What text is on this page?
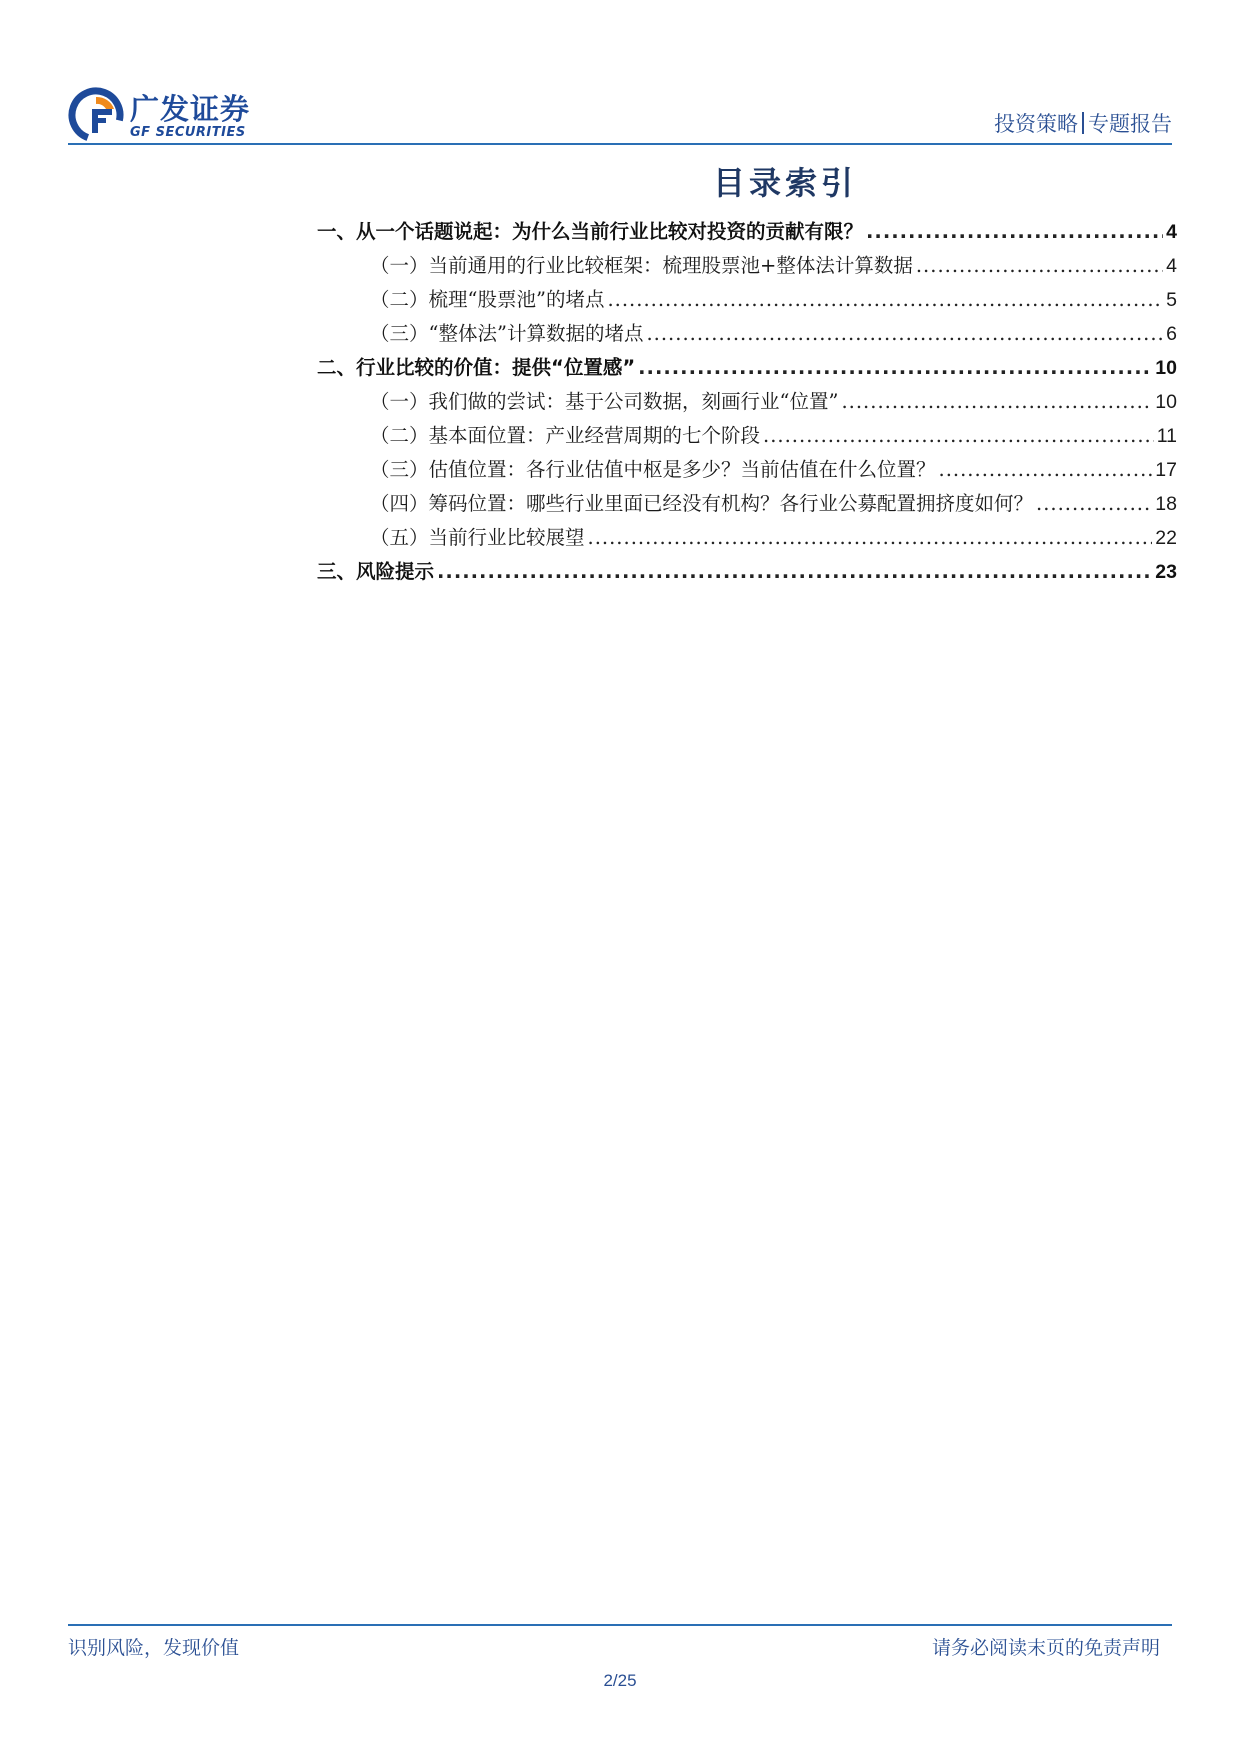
广发证券
GF SECURITIES	投资策略 专题报告
目录索引
一、从一个话题说起：为什么当前行业比较对投资的贡献有限？ .....	4
（一）当前通用的行业比较框架：梳理股票池+整体法计算数据 .....	4
（二）梳理“股票池”的堵点 .....	5
（三）“整体法”计算数据的堵点 .....	6
二、行业比较的价值：提供“位置感” .....	10
（一）我们做的尝试：基于公司数据，刻画行业“位置” .....	10
（二）基本面位置：产业经营周期的七个阶段 .....	11
（三）估值位置：各行业估值中枢是多少？当前估值在什么位置？ .....	17
（四）筹码位置：哪些行业里面已经没有机构？各行业公募配置拥挤度如何？ .....	18
（五）当前行业比较展望 .....	22
三、风险提示 .....	23
识别风险，发现价值	请务必阅读末页的免责声明
2/25
